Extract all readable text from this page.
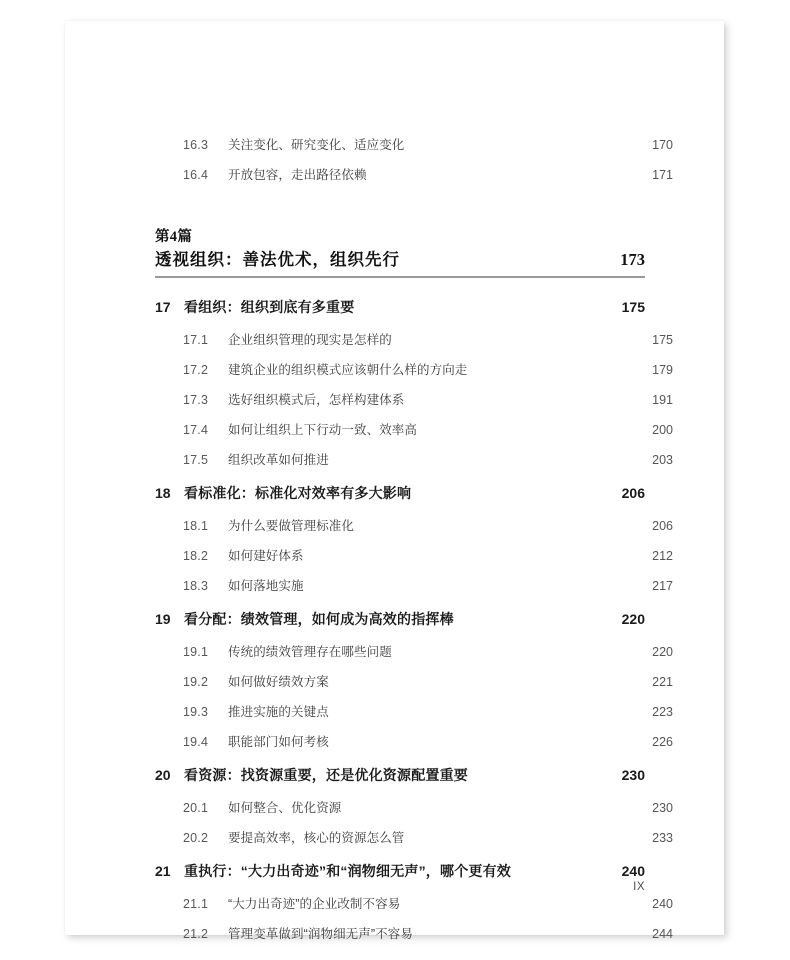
16.3	关注变化、研究变化、适应变化	170
16.4	开放包容，走出路径依赖	171
第4篇
透视组织：善法优术，组织先行	173
17 看组织：组织到底有多重要	175
17.1	企业组织管理的现实是怎样的	175
17.2	建筑企业的组织模式应该朝什么样的方向走	179
17.3	选好组织模式后，怎样构建体系	191
17.4	如何让组织上下行动一致、效率高	200
17.5	组织改革如何推进	203
18 看标准化：标准化对效率有多大影响	206
18.1	为什么要做管理标准化	206
18.2	如何建好体系	212
18.3	如何落地实施	217
19 看分配：绩效管理，如何成为高效的指挥棒	220
19.1	传统的绩效管理存在哪些问题	220
19.2	如何做好绩效方案	221
19.3	推进实施的关键点	223
19.4	职能部门如何考核	226
20 看资源：找资源重要，还是优化资源配置重要	230
20.1	如何整合、优化资源	230
20.2	要提高效率，核心的资源怎么管	233
21 重执行：“大力出奇迹”和“润物细无声”，哪个更有效	240
21.1	“大力出奇迹”的企业改制不容易	240
21.2	管理变革做到“润物细无声”不容易	244
IX
